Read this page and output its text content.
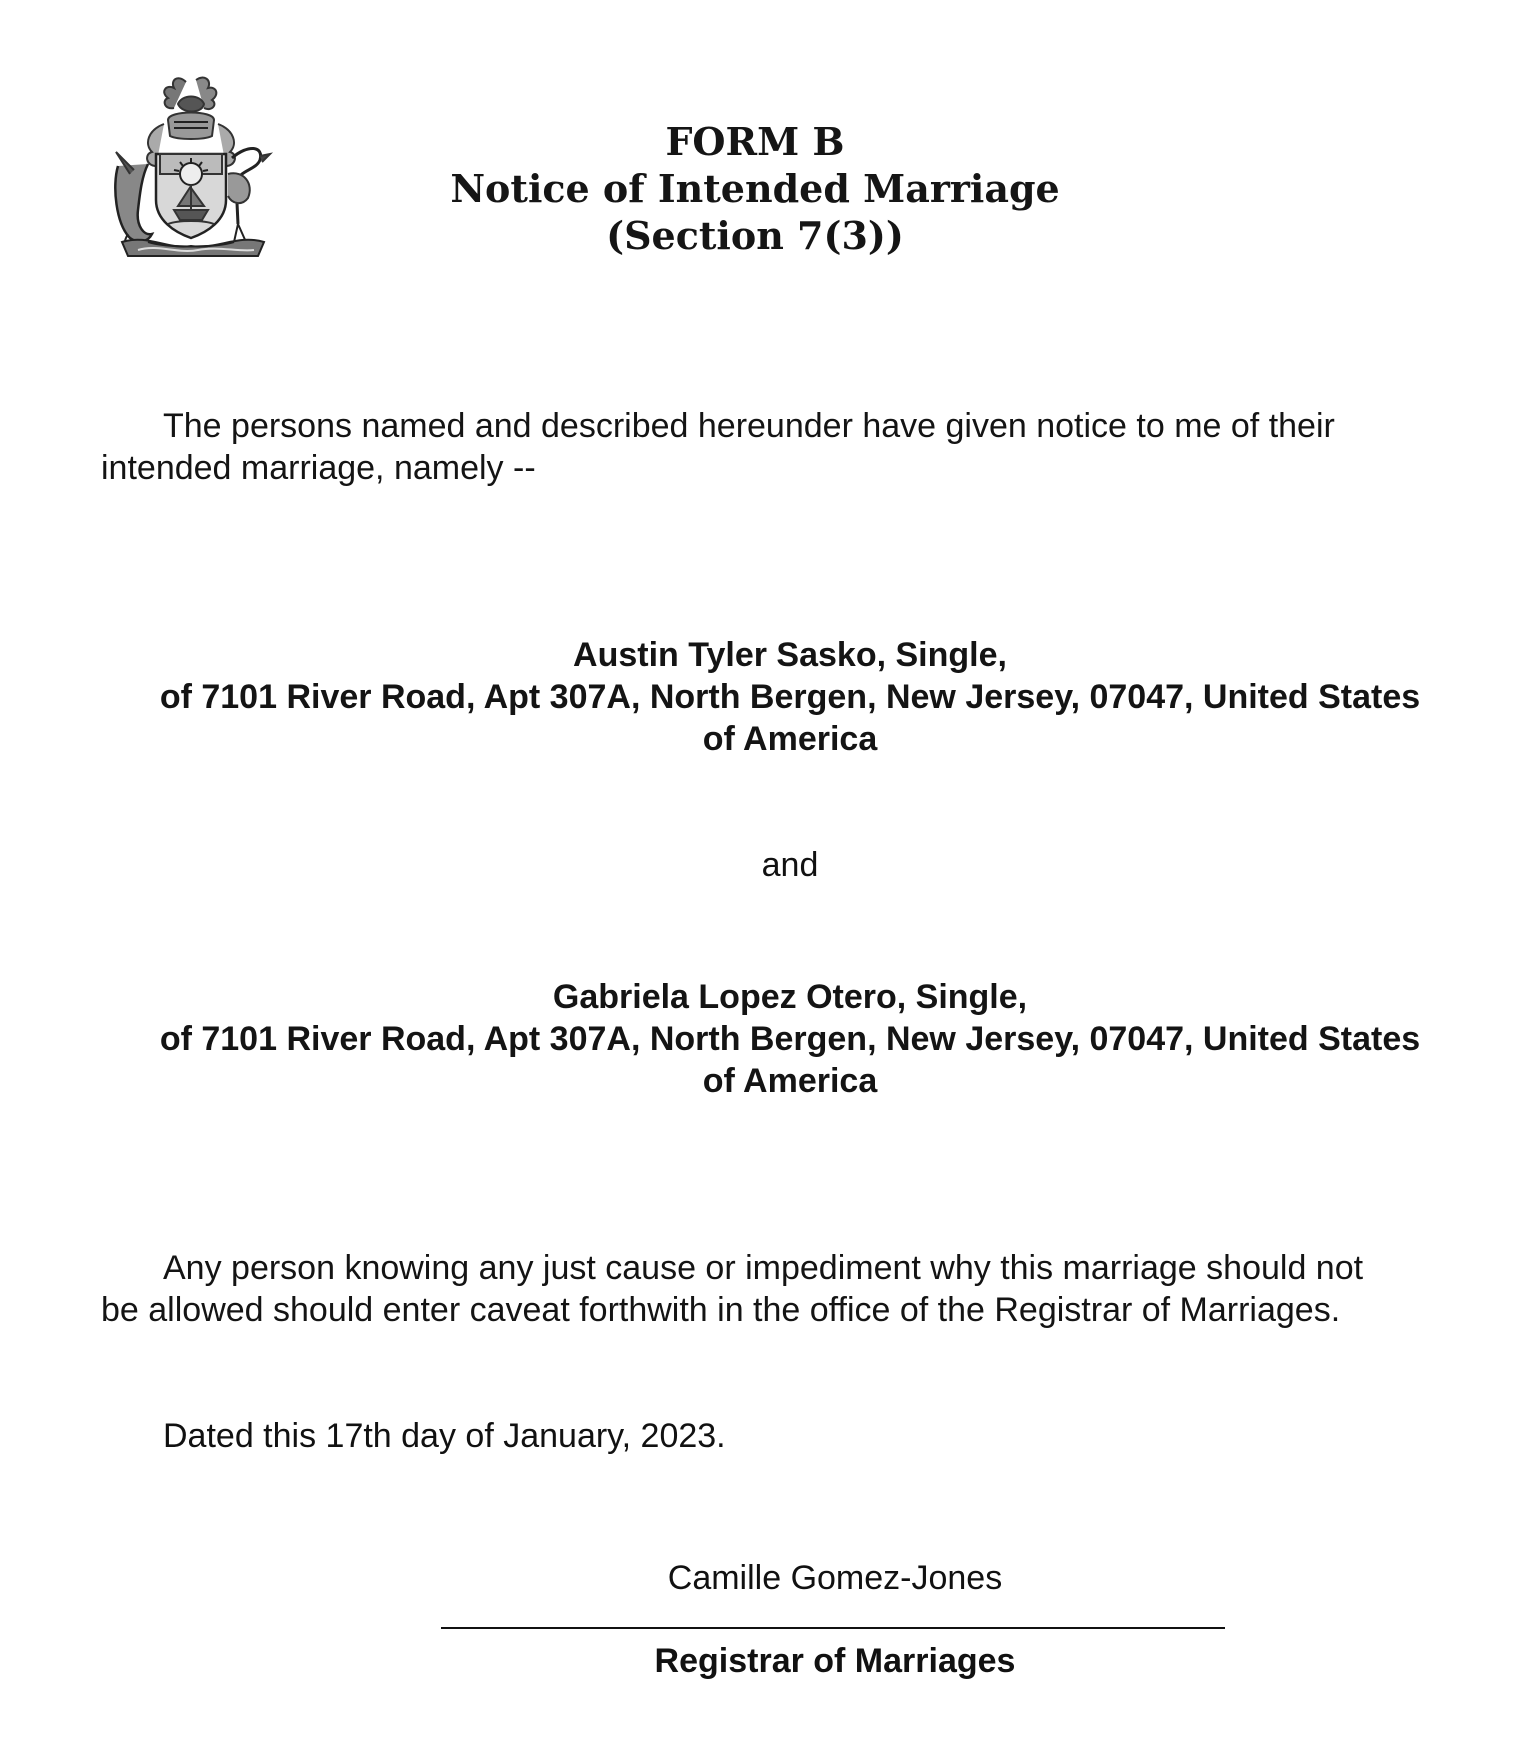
FORM B
Notice of Intended Marriage
(Section 7(3))
The persons named and described hereunder have given notice to me of their
intended marriage, namely --
Austin Tyler Sasko, Single,
of 7101 River Road, Apt 307A, North Bergen, New Jersey, 07047, United States
of America
and
Gabriela Lopez Otero, Single,
of 7101 River Road, Apt 307A, North Bergen, New Jersey, 07047, United States
of America
Any person knowing any just cause or impediment why this marriage should not
be allowed should enter caveat forthwith in the office of the Registrar of Marriages.
Dated this 17th day of January, 2023.
Camille Gomez-Jones
Registrar of Marriages
